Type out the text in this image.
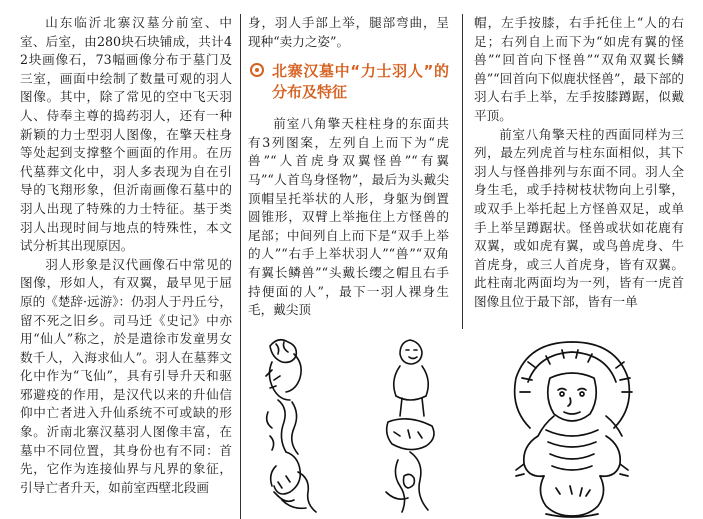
山东临沂北寨汉墓分前室、中室、后室，由280块石块铺成，共计42块画像石，73幅画像分布于墓门及三室，画面中绘制了数量可观的羽人图像。其中，除了常见的空中飞天羽人、侍奉主尊的捣药羽人，还有一种新颖的力士型羽人图像，在擎天柱身等处起到支撑整个画面的作用。在历代墓葬文化中，羽人多表现为自在引导的飞翔形象，但沂南画像石墓中的羽人出现了特殊的力士特征。基于类羽人出现时间与地点的特殊性，本文试分析其出现原因。

羽人形象是汉代画像石中常见的图像，形如人，有双翼，最早见于屈原的《楚辞·远游》：仍羽人于丹丘兮，留不死之旧乡。司马迁《史记》中亦用“仙人”称之，於是遣徐市发童男女数千人，入海求仙人”。羽人在墓葬文化中作为“飞仙”，具有引导升天和驱邪避疫的作用，是汉代以来的升仙信仰中亡者进入升仙系统不可或缺的形象。沂南北寨汉墓羽人图像丰富，在墓中不同位置，其身份也有不同：首先，它作为连接仙界与凡界的象征，引导亡者升天，如前室西壁北段画

身，羽人手部上举，腿部弯曲，呈现种“卖力之姿”。
北寨汉墓中“力士羽人”的分布及特征

前室八角擎天柱柱身的东面共有3列图案，左列自上而下为“虎兽”“人首虎身双翼怪兽”“有翼马”“人首鸟身怪物”，最后为头戴尖顶帽呈托举状的人形，身躯为倒置圆锥形，双臂上举拖住上方怪兽的尾部；中间列自上而下是“双手上举的人”“右手上举状羽人”“兽”“双角有翼长鳞兽”“头戴长缨之帽且右手持便面的人”，最下一羽人裸身生毛，戴尖顶

帽，左手按膝，右手托住上“人的右足；右列自上而下为“如虎有翼的怪兽”“回首向下怪兽”“双角双翼长鳞兽”“回首向下似鹿状怪兽”，最下部的羽人右手上举，左手按膝蹲踞，似戴平顶。

前室八角擎天柱的西面同样为三列，最左列虎首与柱东面相似，其下羽人与怪兽排列与东面不同。羽人全身生毛，或手持树枝状物向上引擎，或双手上举托起上方怪兽双足，或单手上举呈蹲踞状。怪兽或状如花鹿有双翼，或如虎有翼，或鸟兽虎身、牛首虎身，或三人首虎身，皆有双翼。此柱南北两面均为一列，皆有一虎首图像且位于最下部，皆有一单
